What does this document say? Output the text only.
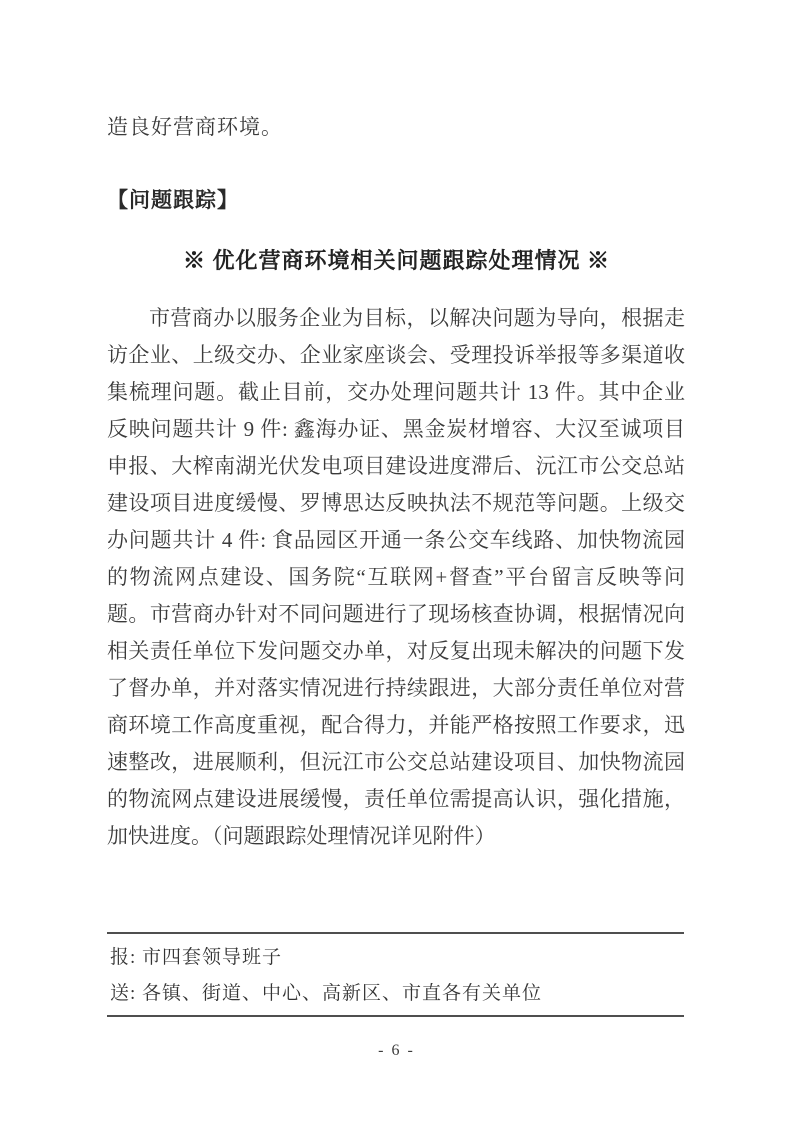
造良好营商环境。
【问题跟踪】
※ 优化营商环境相关问题跟踪处理情况 ※
市营商办以服务企业为目标，以解决问题为导向，根据走
访企业、上级交办、企业家座谈会、受理投诉举报等多渠道收
集梳理问题。截止目前，交办处理问题共计 13 件。其中企业
反映问题共计 9 件: 鑫海办证、黑金炭材增容、大汉至诚项目
申报、大榨南湖光伏发电项目建设进度滞后、沅江市公交总站
建设项目进度缓慢、罗博思达反映执法不规范等问题。上级交
办问题共计 4 件: 食品园区开通一条公交车线路、加快物流园
的物流网点建设、国务院“互联网+督查”平台留言反映等问
题。市营商办针对不同问题进行了现场核查协调，根据情况向
相关责任单位下发问题交办单，对反复出现未解决的问题下发
了督办单，并对落实情况进行持续跟进，大部分责任单位对营
商环境工作高度重视，配合得力，并能严格按照工作要求，迅
速整改，进展顺利，但沅江市公交总站建设项目、加快物流园
的物流网点建设进展缓慢，责任单位需提高认识，强化措施，
加快进度。（问题跟踪处理情况详见附件）
报: 市四套领导班子
送: 各镇、街道、中心、高新区、市直各有关单位
- 6 -
